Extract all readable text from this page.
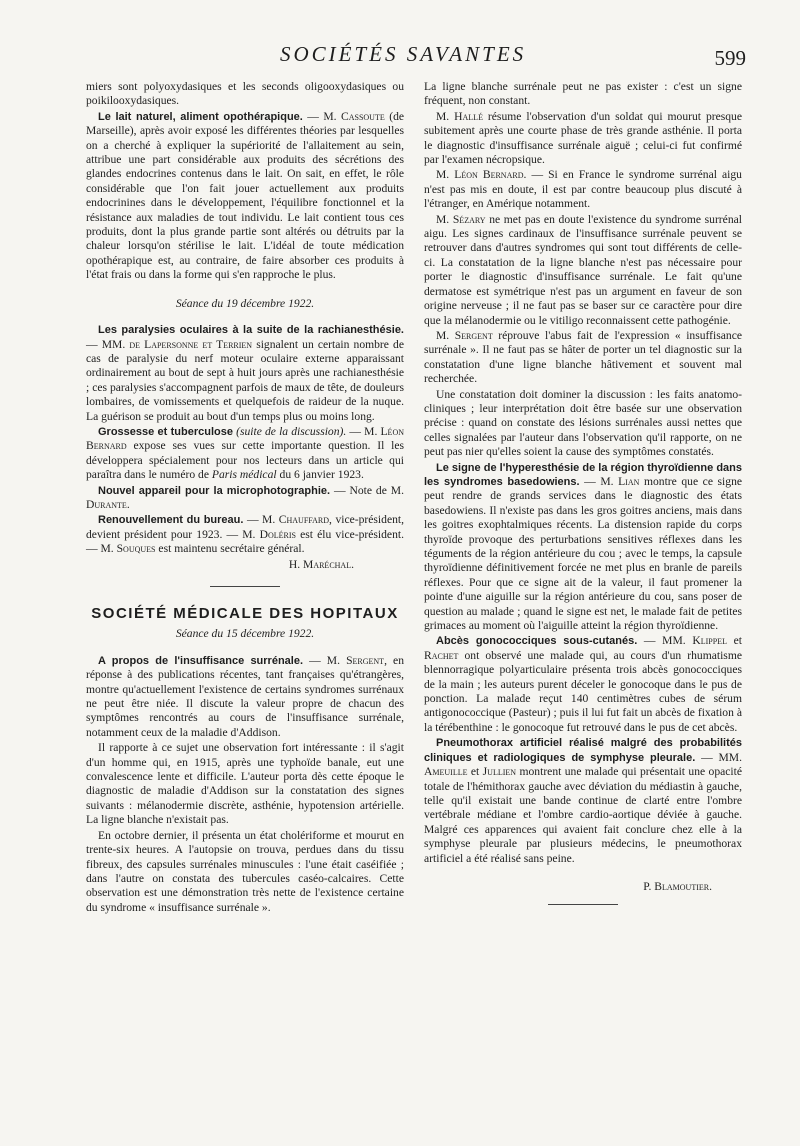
SOCIÉTÉS SAVANTES	599

miers sont polyoxydasiques et les seconds oligooxydasiques ou poikilooxydasiques.

Le lait naturel, aliment opothérapique. — M. Cassoute (de Marseille), après avoir exposé les différentes théories par lesquelles on a cherché à expliquer la supériorité de l'allaitement au sein, attribue une part considérable aux produits des sécrétions des glandes endocrines contenus dans le lait. On sait, en effet, le rôle considérable que l'on fait jouer actuellement aux produits endocrinines dans le développement, l'équilibre fonctionnel et la résistance aux maladies de tout individu. Le lait contient tous ces produits, dont la plus grande partie sont altérés ou détruits par la chaleur lorsqu'on stérilise le lait. L'idéal de toute médication opothérapique est, au contraire, de faire absorber ces produits à l'état frais ou dans la forme qui s'en rapproche le plus.

Séance du 19 décembre 1922.

Les paralysies oculaires à la suite de la rachianesthésie. — MM. de Lapersonne et Terrien signalent un certain nombre de cas de paralysie du nerf moteur oculaire externe apparaissant ordinairement au bout de sept à huit jours après une rachianesthésie ; ces paralysies s'accompagnent parfois de maux de tête, de douleurs lombaires, de vomissements et quelquefois de raideur de la nuque. La guérison se produit au bout d'un temps plus ou moins long.

Grossesse et tuberculose (suite de la discussion). — M. Léon Bernard expose ses vues sur cette importante question. Il les développera spécialement pour nos lecteurs dans un article qui paraîtra dans le numéro de Paris médical du 6 janvier 1923.

Nouvel appareil pour la microphotographie. — Note de M. Durante.

Renouvellement du bureau. — M. Chauffard, vice-président, devient président pour 1923. — M. Doléris est élu vice-président. — M. Souques est maintenu secrétaire général.

H. Maréchal.

SOCIÉTÉ MÉDICALE DES HOPITAUX

Séance du 15 décembre 1922.

A propos de l'insuffisance surrénale. — M. Sergent, en réponse à des publications récentes, tant françaises qu'étrangères, montre qu'actuellement l'existence de certains syndromes surrénaux ne peut être niée. Il discute la valeur propre de chacun des symptômes rencontrés au cours de l'insuffisance surrénale, notamment ceux de la maladie d'Addison.

Il rapporte à ce sujet une observation fort intéressante : il s'agit d'un homme qui, en 1915, après une typhoïde banale, eut une convalescence lente et difficile. L'auteur porta dès cette époque le diagnostic de maladie d'Addison sur la constatation des signes suivants : mélanodermie discrète, asthénie, hypotension artérielle. La ligne blanche n'existait pas.

En octobre dernier, il présenta un état cholériforme et mourut en trente-six heures. A l'autopsie on trouva, perdues dans du tissu fibreux, des capsules surrénales minuscules : l'une était caséifiée ; dans l'autre on constata des tubercules caséo-calcaires. Cette observation est une démonstration très nette de l'existence certaine du syndrome « insuffisance surrénale ».

La ligne blanche surrénale peut ne pas exister : c'est un signe fréquent, non constant.

M. Hallé résume l'observation d'un soldat qui mourut presque subitement après une courte phase de très grande asthénie. Il porta le diagnostic d'insuffisance surrénale aiguë ; celui-ci fut confirmé par l'examen nécropsique.

M. Léon Bernard. — Si en France le syndrome surrénal aigu n'est pas mis en doute, il est par contre beaucoup plus discuté à l'étranger, en Amérique notamment.

M. Sézary ne met pas en doute l'existence du syndrome surrénal aigu. Les signes cardinaux de l'insuffisance surrénale peuvent se retrouver dans d'autres syndromes qui sont tout différents de celle-ci. La constatation de la ligne blanche n'est pas nécessaire pour porter le diagnostic d'insuffisance surrénale. Le fait qu'une dermatose est symétrique n'est pas un argument en faveur de son origine nerveuse ; il ne faut pas se baser sur ce caractère pour dire que la mélanodermie ou le vitiligo reconnaissent cette pathogénie.

M. Sergent réprouve l'abus fait de l'expression « insuffisance surrénale ». Il ne faut pas se hâter de porter un tel diagnostic sur la constatation d'une ligne blanche hâtivement et souvent mal recherchée.

Une constatation doit dominer la discussion : les faits anatomo-cliniques ; leur interprétation doit être basée sur une observation précise : quand on constate des lésions surrénales aussi nettes que celles signalées par l'auteur dans l'observation qu'il rapporte, on ne peut pas nier qu'elles soient la cause des symptômes constatés.

Le signe de l'hyperesthésie de la région thyroïdienne dans les syndromes basedowiens. — M. Lian montre que ce signe peut rendre de grands services dans le diagnostic des états basedowiens. Il n'existe pas dans les gros goitres anciens, mais dans les goitres exophtalmiques récents. La distension rapide du corps thyroïde provoque des perturbations sensitives réflexes dans les téguments de la région antérieure du cou ; avec le temps, la capsule thyroïdienne définitivement forcée ne met plus en branle de pareils réflexes. Pour que ce signe ait de la valeur, il faut promener la pointe d'une aiguille sur la région antérieure du cou, sans poser de question au malade ; quand le signe est net, le malade fait de petites grimaces au moment où l'aiguille atteint la région thyroïdienne.

Abcès gonococciques sous-cutanés. — MM. Klippel et Rachet ont observé une malade qui, au cours d'un rhumatisme blennorragique polyarticulaire présenta trois abcès gonococciques de la main ; les auteurs purent déceler le gonocoque dans le pus de ponction. La malade reçut 140 centimètres cubes de sérum antigonococcique (Pasteur) ; puis il lui fut fait un abcès de fixation à la térébenthine : le gonocoque fut retrouvé dans le pus de cet abcès.

Pneumothorax artificiel réalisé malgré des probabilités cliniques et radiologiques de symphyse pleurale. — MM. Ameuille et Jullien montrent une malade qui présentait une opacité totale de l'hémithorax gauche avec déviation du médiastin à gauche, telle qu'il existait une bande continue de clarté entre l'ombre vertébrale médiane et l'ombre cardio-aortique déviée à gauche. Malgré ces apparences qui avaient fait conclure chez elle à la symphyse pleurale par plusieurs médecins, le pneumothorax artificiel a été réalisé sans peine.

P. Blamoutier.
